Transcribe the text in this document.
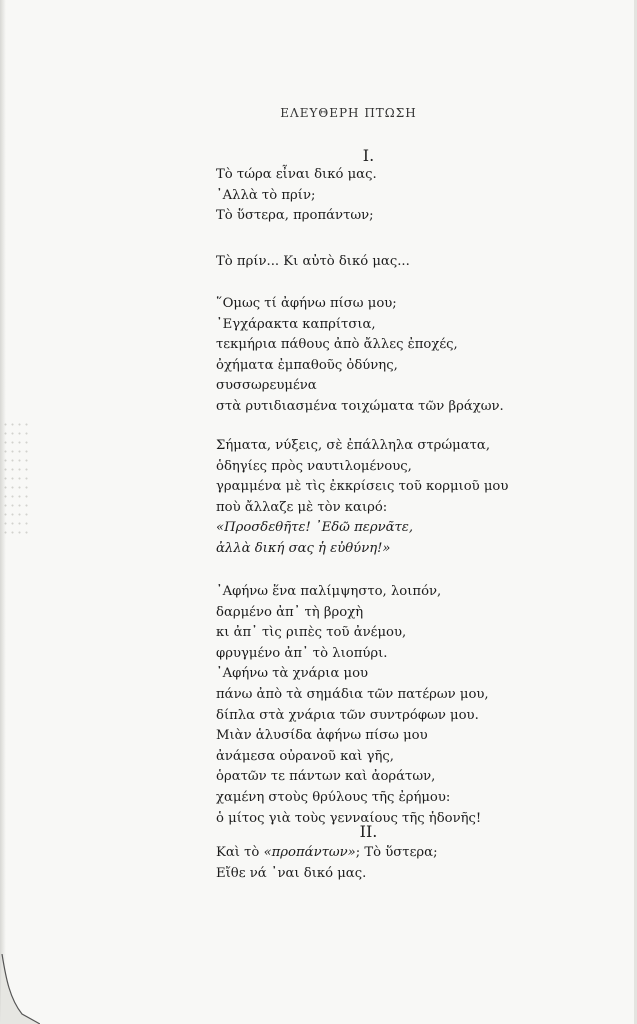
ΕΛΕΥΘΕΡΗ ΠΤΩΣΗ
I.
Τὸ τώρα εἶναι δικό μας.
᾿Αλλὰ τὸ πρίν;
Τὸ ὕστερα, προπάντων;
Τὸ πρίν... Κι αὐτὸ δικό μας...
῞Ομως τί ἀφήνω πίσω μου;
᾿Εγχάρακτα καπρίτσια,
τεκμήρια πάθους ἀπὸ ἄλλες ἐποχές,
ὀχήματα ἐμπαθοῦς ὀδύνης,
συσσωρευμένα
στὰ ρυτιδιασμένα τοιχώματα τῶν βράχων.
Σήματα, νύξεις, σὲ ἐπάλληλα στρώματα,
ὁδηγίες πρὸς ναυτιλομένους,
γραμμένα μὲ τὶς ἐκκρίσεις τοῦ κορμιοῦ μου
ποὺ ἄλλαζε μὲ τὸν καιρό:
«Προσδεθῆτε! ᾿Εδῶ περνᾶτε,
ἀλλὰ δική σας ἡ εὐθύνη!»
᾿Αφήνω ἕνα παλίμψηστο, λοιπόν,
δαρμένο ἀπ᾿ τὴ βροχὴ
κι ἀπ᾿ τὶς ριπὲς τοῦ ἀνέμου,
φρυγμένο ἀπ᾿ τὸ λιοπύρι.
᾿Αφήνω τὰ χνάρια μου
πάνω ἀπὸ τὰ σημάδια τῶν πατέρων μου,
δίπλα στὰ χνάρια τῶν συντρόφων μου.
Μιὰν ἁλυσίδα ἀφήνω πίσω μου
ἀνάμεσα οὐρανοῦ καὶ γῆς,
ὁρατῶν τε πάντων καὶ ἀοράτων,
χαμένη στοὺς θρύλους τῆς ἐρήμου:
ὁ μίτος γιὰ τοὺς γενναίους τῆς ἡδονῆς!
II.
Καὶ τὸ «προπάντων»; Τὸ ὕστερα;
Εἴθε νά ᾿ναι δικό μας.
